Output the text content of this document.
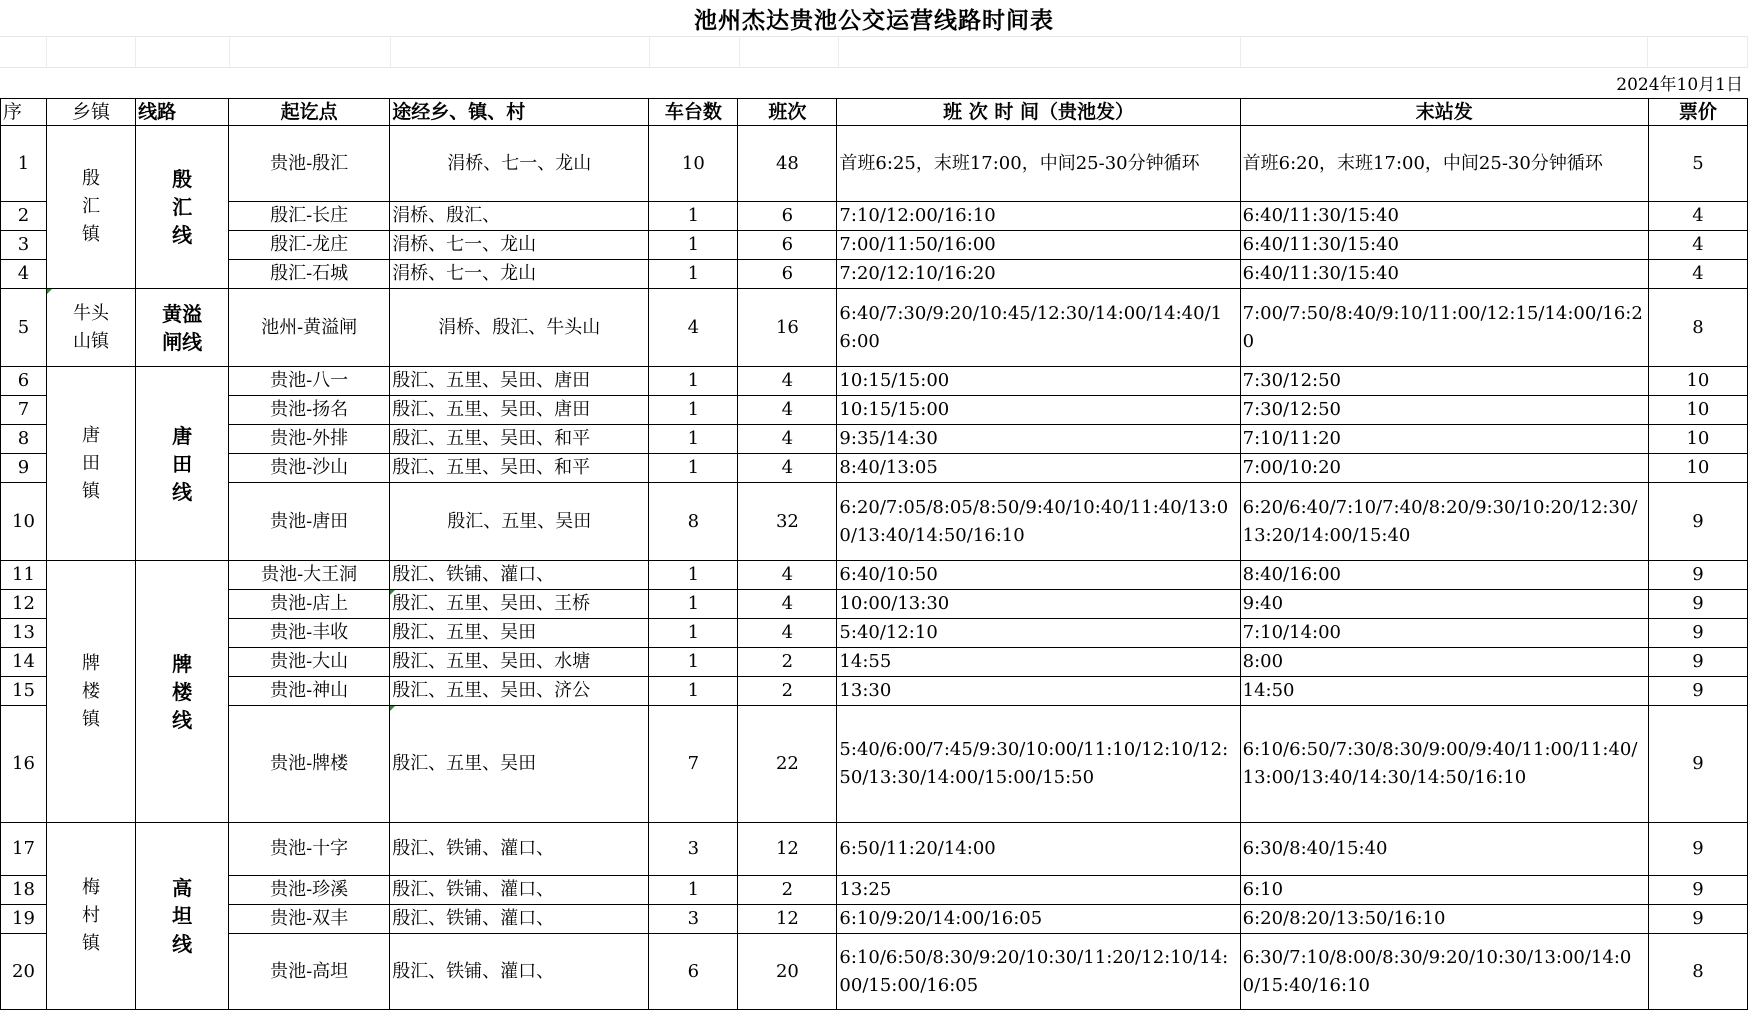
池州杰达贵池公交运营线路时间表
2024年10月1日
序	乡镇	线路	起讫点	途经乡、镇、村	车台数	班次	班 次 时 间（贵池发）	末站发	票价
1	殷
汇
镇	殷
汇
线	贵池-殷汇	涓桥、七一、龙山	10	48	首班6:25，末班17:00，中间25-30分钟循环	首班6:20，末班17:00，中间25-30分钟循环	5
2			殷汇-长庄	涓桥、殷汇、	1	6	7:10/12:00/16:10	6:40/11:30/15:40	4
3			殷汇-龙庄	涓桥、七一、龙山	1	6	7:00/11:50/16:00	6:40/11:30/15:40	4
4			殷汇-石城	涓桥、七一、龙山	1	6	7:20/12:10/16:20	6:40/11:30/15:40	4
5	牛头
山镇	黄溢
闸线	池州-黄溢闸	涓桥、殷汇、牛头山	4	16	6:40/7:30/9:20/10:45/12:30/14:00/14:40/16:00	7:00/7:50/8:40/9:10/11:00/12:15/14:00/16:20	8
6	唐
田
镇	唐
田
线	贵池-八一	殷汇、五里、吴田、唐田	1	4	10:15/15:00	7:30/12:50	10
7			贵池-扬名	殷汇、五里、吴田、唐田	1	4	10:15/15:00	7:30/12:50	10
8			贵池-外排	殷汇、五里、吴田、和平	1	4	9:35/14:30	7:10/11:20	10
9			贵池-沙山	殷汇、五里、吴田、和平	1	4	8:40/13:05	7:00/10:20	10
10			贵池-唐田	殷汇、五里、吴田	8	32	6:20/7:05/8:05/8:50/9:40/10:40/11:40/13:00/13:40/14:50/16:10	6:20/6:40/7:10/7:40/8:20/9:30/10:20/12:30/13:20/14:00/15:40	9
11	牌
楼
镇	牌
楼
线	贵池-大王洞	殷汇、铁铺、灌口、	1	4	6:40/10:50	8:40/16:00	9
12			贵池-店上	殷汇、五里、吴田、王桥	1	4	10:00/13:30	9:40	9
13			贵池-丰收	殷汇、五里、吴田	1	4	5:40/12:10	7:10/14:00	9
14			贵池-大山	殷汇、五里、吴田、水塘	1	2	14:55	8:00	9
15			贵池-神山	殷汇、五里、吴田、济公	1	2	13:30	14:50	9
16			贵池-牌楼	殷汇、五里、吴田	7	22	5:40/6:00/7:45/9:30/10:00/11:10/12:10/12:50/13:30/14:00/15:00/15:50	6:10/6:50/7:30/8:30/9:00/9:40/11:00/11:40/13:00/13:40/14:30/14:50/16:10	9
17	梅
村
镇	高
坦
线	贵池-十字	殷汇、铁铺、灌口、	3	12	6:50/11:20/14:00	6:30/8:40/15:40	9
18			贵池-珍溪	殷汇、铁铺、灌口、	1	2	13:25	6:10	9
19			贵池-双丰	殷汇、铁铺、灌口、	3	12	6:10/9:20/14:00/16:05	6:20/8:20/13:50/16:10	9
20			贵池-高坦	殷汇、铁铺、灌口、	6	20	6:10/6:50/8:30/9:20/10:30/11:20/12:10/14:00/15:00/16:05	6:30/7:10/8:00/8:30/9:20/10:30/13:00/14:00/15:40/16:10	8
